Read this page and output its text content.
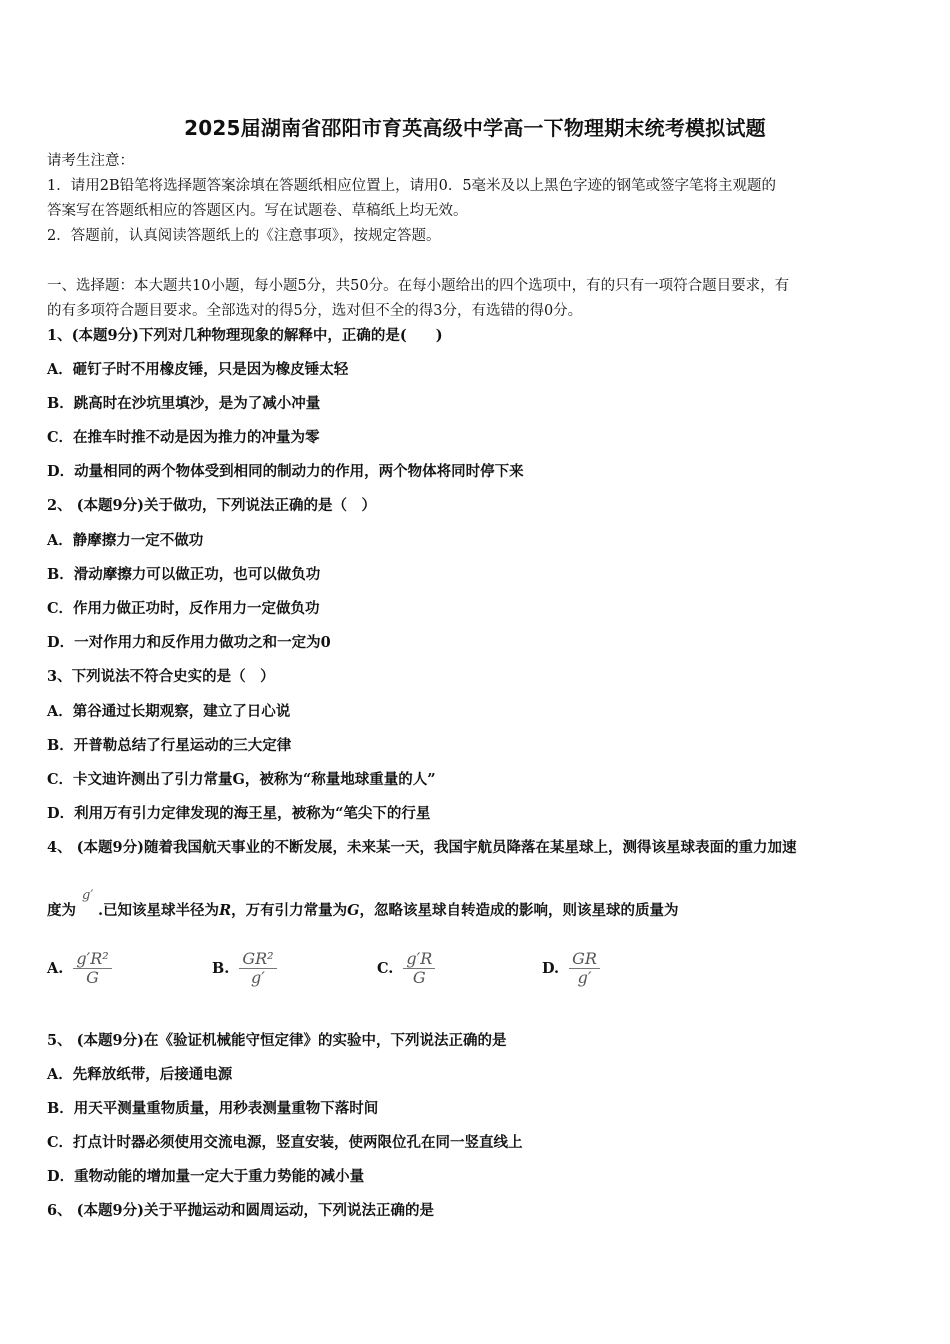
2025届湖南省邵阳市育英高级中学高一下物理期末统考模拟试题
请考生注意：
1．请用2B铅笔将选择题答案涂填在答题纸相应位置上，请用0．5毫米及以上黑色字迹的钢笔或签字笔将主观题的
答案写在答题纸相应的答题区内。写在试题卷、草稿纸上均无效。
2．答题前，认真阅读答题纸上的《注意事项》，按规定答题。
一、选择题：本大题共10小题，每小题5分，共50分。在每小题给出的四个选项中，有的只有一项符合题目要求，有
的有多项符合题目要求。全部选对的得5分，选对但不全的得3分，有选错的得0分。
1、(本题9分)下列对几种物理现象的解释中，正确的是(　　)
A．砸钉子时不用橡皮锤，只是因为橡皮锤太轻
B．跳高时在沙坑里填沙，是为了减小冲量
C．在推车时推不动是因为推力的冲量为零
D．动量相同的两个物体受到相同的制动力的作用，两个物体将同时停下来
2、 (本题9分)关于做功，下列说法正确的是（　）
A．静摩擦力一定不做功
B．滑动摩擦力可以做正功，也可以做负功
C．作用力做正功时，反作用力一定做负功
D．一对作用力和反作用力做功之和一定为0
3、下列说法不符合史实的是（　）
A．第谷通过长期观察，建立了日心说
B．开普勒总结了行星运动的三大定律
C．卡文迪许测出了引力常量G，被称为“称量地球重量的人”
D．利用万有引力定律发现的海王星，被称为“笔尖下的行星
4、 (本题9分)随着我国航天事业的不断发展，未来某一天，我国宇航员降落在某星球上，测得该星球表面的重力加速
g′
度为 .已知该星球半径为R，万有引力常量为G，忽略该星球自转造成的影响，则该星球的质量为
A. $\frac{\text{g′R²}}{G}$	B. $\frac{\text{GR²}}{g'}$	C. $\frac{g'R}{G}$	D. $\frac{GR}{g'}$
5、 (本题9分)在《验证机械能守恒定律》的实验中，下列说法正确的是
A．先释放纸带，后接通电源
B．用天平测量重物质量，用秒表测量重物下落时间
C．打点计时器必须使用交流电源，竖直安装，使两限位孔在同一竖直线上
D．重物动能的增加量一定大于重力势能的减小量
6、 (本题9分)关于平抛运动和圆周运动，下列说法正确的是
